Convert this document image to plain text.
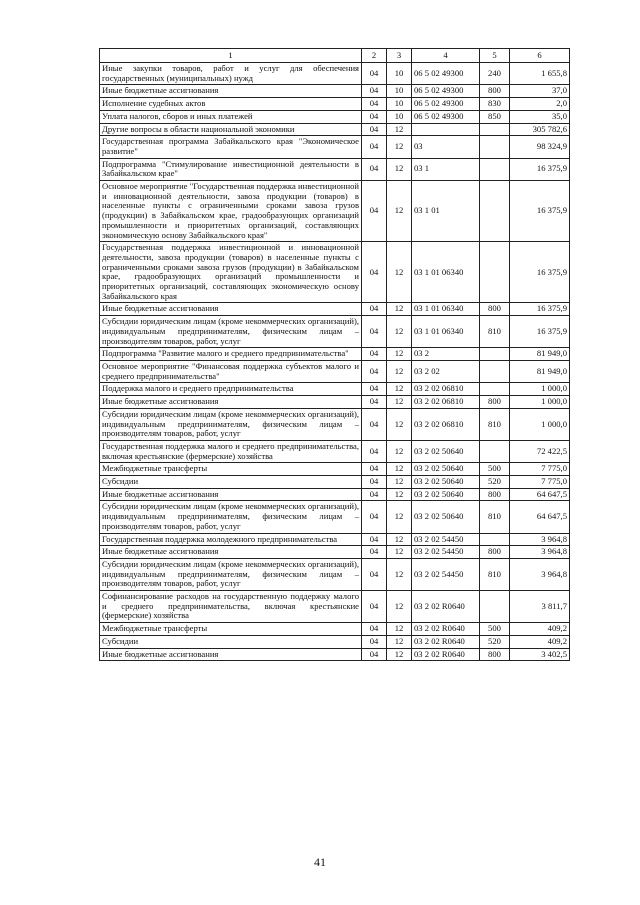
1	2	3	4	5	6
Иные закупки товаров, работ и услуг для обеспечения государственных (муниципальных) нужд	04	10	06 5 02 49300	240	1 655,8
Иные бюджетные ассигнования	04	10	06 5 02 49300	800	37,0
Исполнение судебных актов	04	10	06 5 02 49300	830	2,0
Уплата налогов, сборов и иных платежей	04	10	06 5 02 49300	850	35,0
Другие вопросы в области национальной экономики	04	12			305 782,6
Государственная программа Забайкальского края "Экономическое развитие"	04	12	03		98 324,9
Подпрограмма "Стимулирование инвестиционной деятельности в Забайкальском крае"	04	12	03 1		16 375,9
Основное мероприятие "Государственная поддержка инвестиционной и инновационной деятельности, завоза продукции (товаров) в населенные пункты с ограниченными сроками завоза грузов (продукции) в Забайкальском крае, градообразующих организаций промышленности и приоритетных организаций, составляющих экономическую основу Забайкальского края"	04	12	03 1 01		16 375,9
Государственная поддержка инвестиционной и инновационной деятельности, завоза продукции (товаров) в населенные пункты с ограниченными сроками завоза грузов (продукции) в Забайкальском крае, градообразующих организаций промышленности и приоритетных организаций, составляющих экономическую основу Забайкальского края	04	12	03 1 01 06340		16 375,9
Иные бюджетные ассигнования	04	12	03 1 01 06340	800	16 375,9
Субсидии юридическим лицам (кроме некоммерческих организаций), индивидуальным предпринимателям, физическим лицам – производителям товаров, работ, услуг	04	12	03 1 01 06340	810	16 375,9
Подпрограмма "Развитие малого и среднего предпринимательства"	04	12	03 2		81 949,0
Основное мероприятие "Финансовая поддержка субъектов малого и среднего предпринимательства"	04	12	03 2 02		81 949,0
Поддержка малого и среднего предпринимательства	04	12	03 2 02 06810		1 000,0
Иные бюджетные ассигнования	04	12	03 2 02 06810	800	1 000,0
Субсидии юридическим лицам (кроме некоммерческих организаций), индивидуальным предпринимателям, физическим лицам – производителям товаров, работ, услуг	04	12	03 2 02 06810	810	1 000,0
Государственная поддержка малого и среднего предпринимательства, включая крестьянские (фермерские) хозяйства	04	12	03 2 02 50640		72 422,5
Межбюджетные трансферты	04	12	03 2 02 50640	500	7 775,0
Субсидии	04	12	03 2 02 50640	520	7 775,0
Иные бюджетные ассигнования	04	12	03 2 02 50640	800	64 647,5
Субсидии юридическим лицам (кроме некоммерческих организаций), индивидуальным предпринимателям, физическим лицам – производителям товаров, работ, услуг	04	12	03 2 02 50640	810	64 647,5
Государственная поддержка молодежного предпринимательства	04	12	03 2 02 54450		3 964,8
Иные бюджетные ассигнования	04	12	03 2 02 54450	800	3 964,8
Субсидии юридическим лицам (кроме некоммерческих организаций), индивидуальным предпринимателям, физическим лицам – производителям товаров, работ, услуг	04	12	03 2 02 54450	810	3 964,8
Софинансирование расходов на государственную поддержку малого и среднего предпринимательства, включая крестьянские (фермерские) хозяйства	04	12	03 2 02 R0640		3 811,7
Межбюджетные трансферты	04	12	03 2 02 R0640	500	409,2
Субсидии	04	12	03 2 02 R0640	520	409,2
Иные бюджетные ассигнования	04	12	03 2 02 R0640	800	3 402,5
41
